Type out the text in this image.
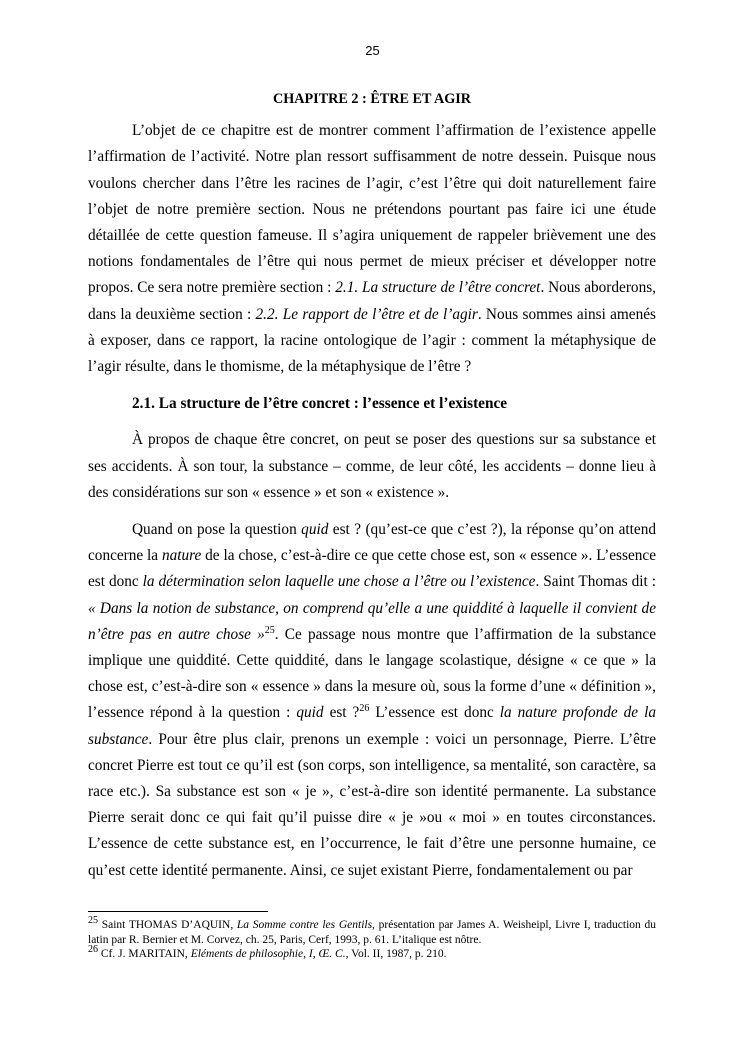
25
CHAPITRE 2 : ÊTRE ET AGIR

L’objet de ce chapitre est de montrer comment l’affirmation de l’existence appelle l’affirmation de l’activité. Notre plan ressort suffisamment de notre dessein. Puisque nous voulons chercher dans l’être les racines de l’agir, c’est l’être qui doit naturellement faire l’objet de notre première section. Nous ne prétendons pourtant pas faire ici une étude détaillée de cette question fameuse. Il s’agira uniquement de rappeler brièvement une des notions fondamentales de l’être qui nous permet de mieux préciser et développer notre propos. Ce sera notre première section : 2.1. La structure de l’être concret. Nous aborderons, dans la deuxième section : 2.2. Le rapport de l’être et de l’agir. Nous sommes ainsi amenés à exposer, dans ce rapport, la racine ontologique de l’agir : comment la métaphysique de l’agir résulte, dans le thomisme, de la métaphysique de l’être ?

2.1. La structure de l’être concret : l’essence et l’existence

À propos de chaque être concret, on peut se poser des questions sur sa substance et ses accidents. À son tour, la substance – comme, de leur côté, les accidents – donne lieu à des considérations sur son « essence » et son « existence ».

Quand on pose la question quid est ? (qu’est-ce que c’est ?), la réponse qu’on attend concerne la nature de la chose, c’est-à-dire ce que cette chose est, son « essence ». L’essence est donc la détermination selon laquelle une chose a l’être ou l’existence. Saint Thomas dit : « Dans la notion de substance, on comprend qu’elle a une quiddité à laquelle il convient de n’être pas en autre chose »$^{25}$. Ce passage nous montre que l’affirmation de la substance implique une quiddité. Cette quiddité, dans le langage scolastique, désigne « ce que » la chose est, c’est-à-dire son « essence » dans la mesure où, sous la forme d’une « définition », l’essence répond à la question : quid est ?$^{26}$ L’essence est donc la nature profonde de la substance. Pour être plus clair, prenons un exemple : voici un personnage, Pierre. L’être concret Pierre est tout ce qu’il est (son corps, son intelligence, sa mentalité, son caractère, sa race etc.). Sa substance est son « je », c’est-à-dire son identité permanente. La substance Pierre serait donc ce qui fait qu’il puisse dire « je »ou « moi » en toutes circonstances. L’essence de cette substance est, en l’occurrence, le fait d’être une personne humaine, ce qu’est cette identité permanente. Ainsi, ce sujet existant Pierre, fondamentalement ou par

$^{25}$ Saint THOMAS D’AQUIN, La Somme contre les Gentils, présentation par James A. Weisheipl, Livre I, traduction du latin par R. Bernier et M. Corvez, ch. 25, Paris, Cerf, 1993, p. 61. L’italique est nôtre.
$^{26}$ Cf. J. MARITAIN, Eléments de philosophie, I, Œ. C., Vol. II, 1987, p. 210.
